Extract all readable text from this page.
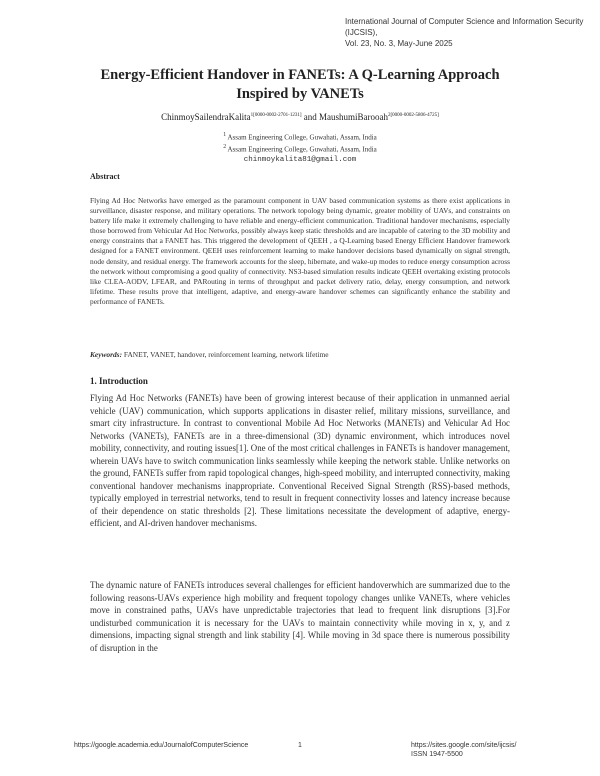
International Journal of Computer Science and Information Security (IJCSIS),
Vol. 23, No. 3, May-June 2025
Energy-Efficient Handover in FANETs: A Q-Learning Approach
Inspired by VANETs
ChinmoySailendraKalita$^{1[0000-0002-2701-1231]}$ and MaushumiBarooah$^{2[0000-0002-5806-4725]}$
$^1$ Assam Engineering College, Guwahati, Assam, India
$^2$ Assam Engineering College, Guwahati, Assam, India
chinmoykalita81@gmail.com
Abstract
Flying Ad Hoc Networks have emerged as the paramount component in UAV based communication systems as there exist applications in surveillance, disaster response, and military operations. The network topology being dynamic, greater mobility of UAVs, and constraints on battery life make it extremely challenging to have reliable and energy-efficient communication. Traditional handover mechanisms, especially those borrowed from Vehicular Ad Hoc Networks, possibly always keep static thresholds and are incapable of catering to the 3D mobility and energy constraints that a FANET has. This triggered the development of QEEH , a Q-Learning based Energy Efficient Handover framework designed for a FANET environment. QEEH uses reinforcement learning to make handover decisions based dynamically on signal strength, node density, and residual energy. The framework accounts for the sleep, hibernate, and wake-up modes to reduce energy consumption across the network without compromising a good quality of connectivity. NS3-based simulation results indicate QEEH overtaking existing protocols like CLEA-AODV, LFEAR, and PARouting in terms of throughput and packet delivery ratio, delay, energy consumption, and network lifetime. These results prove that intelligent, adaptive, and energy-aware handover schemes can significantly enhance the stability and performance of FANETs.
Keywords: FANET, VANET, handover, reinforcement learning, network lifetime
1. Introduction
Flying Ad Hoc Networks (FANETs) have been of growing interest because of their application in unmanned aerial vehicle (UAV) communication, which supports applications in disaster relief, military missions, surveillance, and smart city infrastructure. In contrast to conventional Mobile Ad Hoc Networks (MANETs) and Vehicular Ad Hoc Networks (VANETs), FANETs are in a three-dimensional (3D) dynamic environment, which introduces novel mobility, connectivity, and routing issues[1]. One of the most critical challenges in FANETs is handover management, wherein UAVs have to switch communication links seamlessly while keeping the network stable. Unlike networks on the ground, FANETs suffer from rapid topological changes, high-speed mobility, and interrupted connectivity, making conventional handover mechanisms inappropriate. Conventional Received Signal Strength (RSS)-based methods, typically employed in terrestrial networks, tend to result in frequent connectivity losses and latency increase because of their dependence on static thresholds [2]. These limitations necessitate the development of adaptive, energy-efficient, and AI-driven handover mechanisms.
The dynamic nature of FANETs introduces several challenges for efficient handoverwhich are summarized due to the following reasons-UAVs experience high mobility and frequent topology changes unlike VANETs, where vehicles move in constrained paths, UAVs have unpredictable trajectories that lead to frequent link disruptions [3].For undisturbed communication it is necessary for the UAVs to maintain connectivity while moving in x, y, and z dimensions, impacting signal strength and link stability [4]. While moving in 3d space there is numerous possibility of disruption in the
https://google.academia.edu/JournalofComputerScience	1	https://sites.google.com/site/ijcsis/
ISSN 1947-5500
